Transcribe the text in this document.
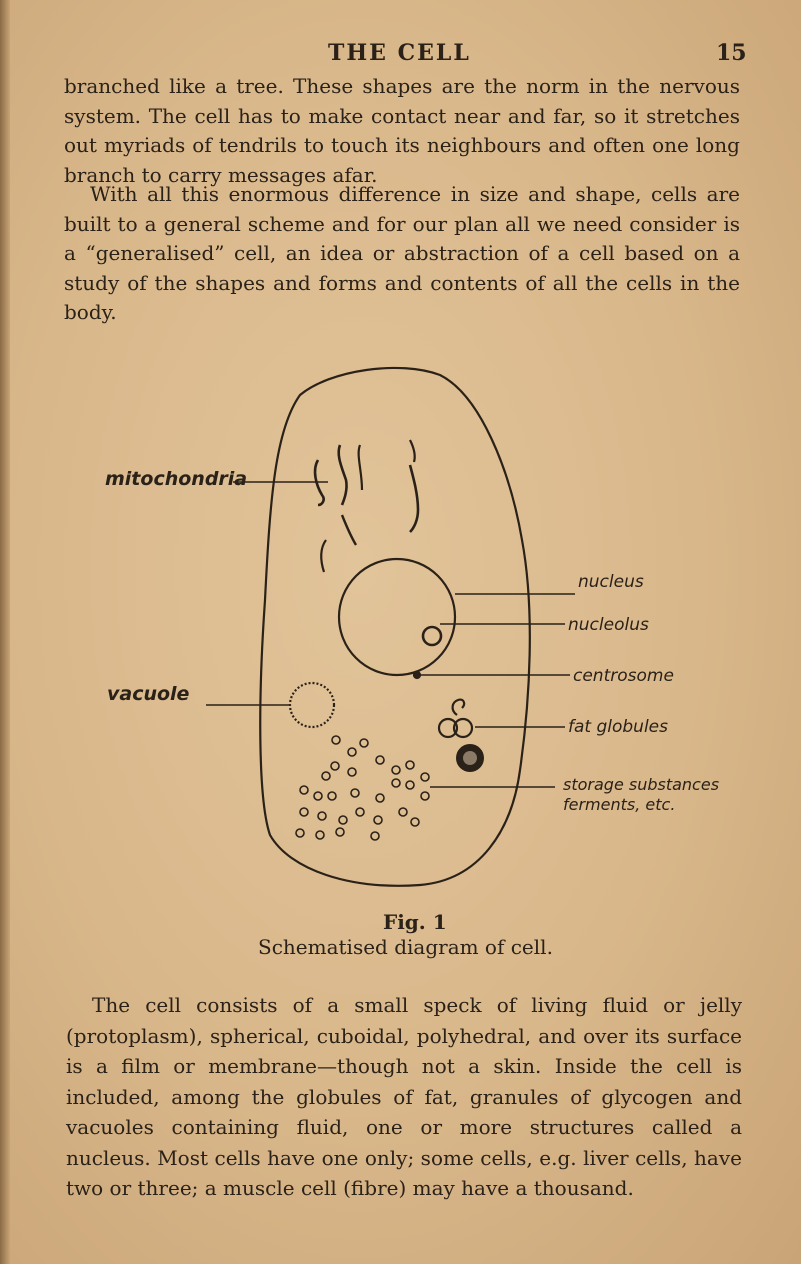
THE CELL	15

branched like a tree. These shapes are the norm in the nervous system. The cell has to make contact near and far, so it stretches out myriads of tendrils to touch its neighbours and often one long branch to carry messages afar.

With all this enormous difference in size and shape, cells are built to a general scheme and for our plan all we need consider is a “generalised” cell, an idea or abstraction of a cell based on a study of the shapes and forms and contents of all the cells in the body.

mitochondria
vacuole
nucleus
nucleolus
centrosome
fat globules
storage substances
ferments, etc.
Fig. 1
Schematised diagram of cell.

The cell consists of a small speck of living fluid or jelly (protoplasm), spherical, cuboidal, polyhedral, and over its surface is a film or membrane—though not a skin. Inside the cell is included, among the globules of fat, granules of glycogen and vacuoles containing fluid, one or more structures called a nucleus. Most cells have one only; some cells, e.g. liver cells, have two or three; a muscle cell (fibre) may have a thousand.
